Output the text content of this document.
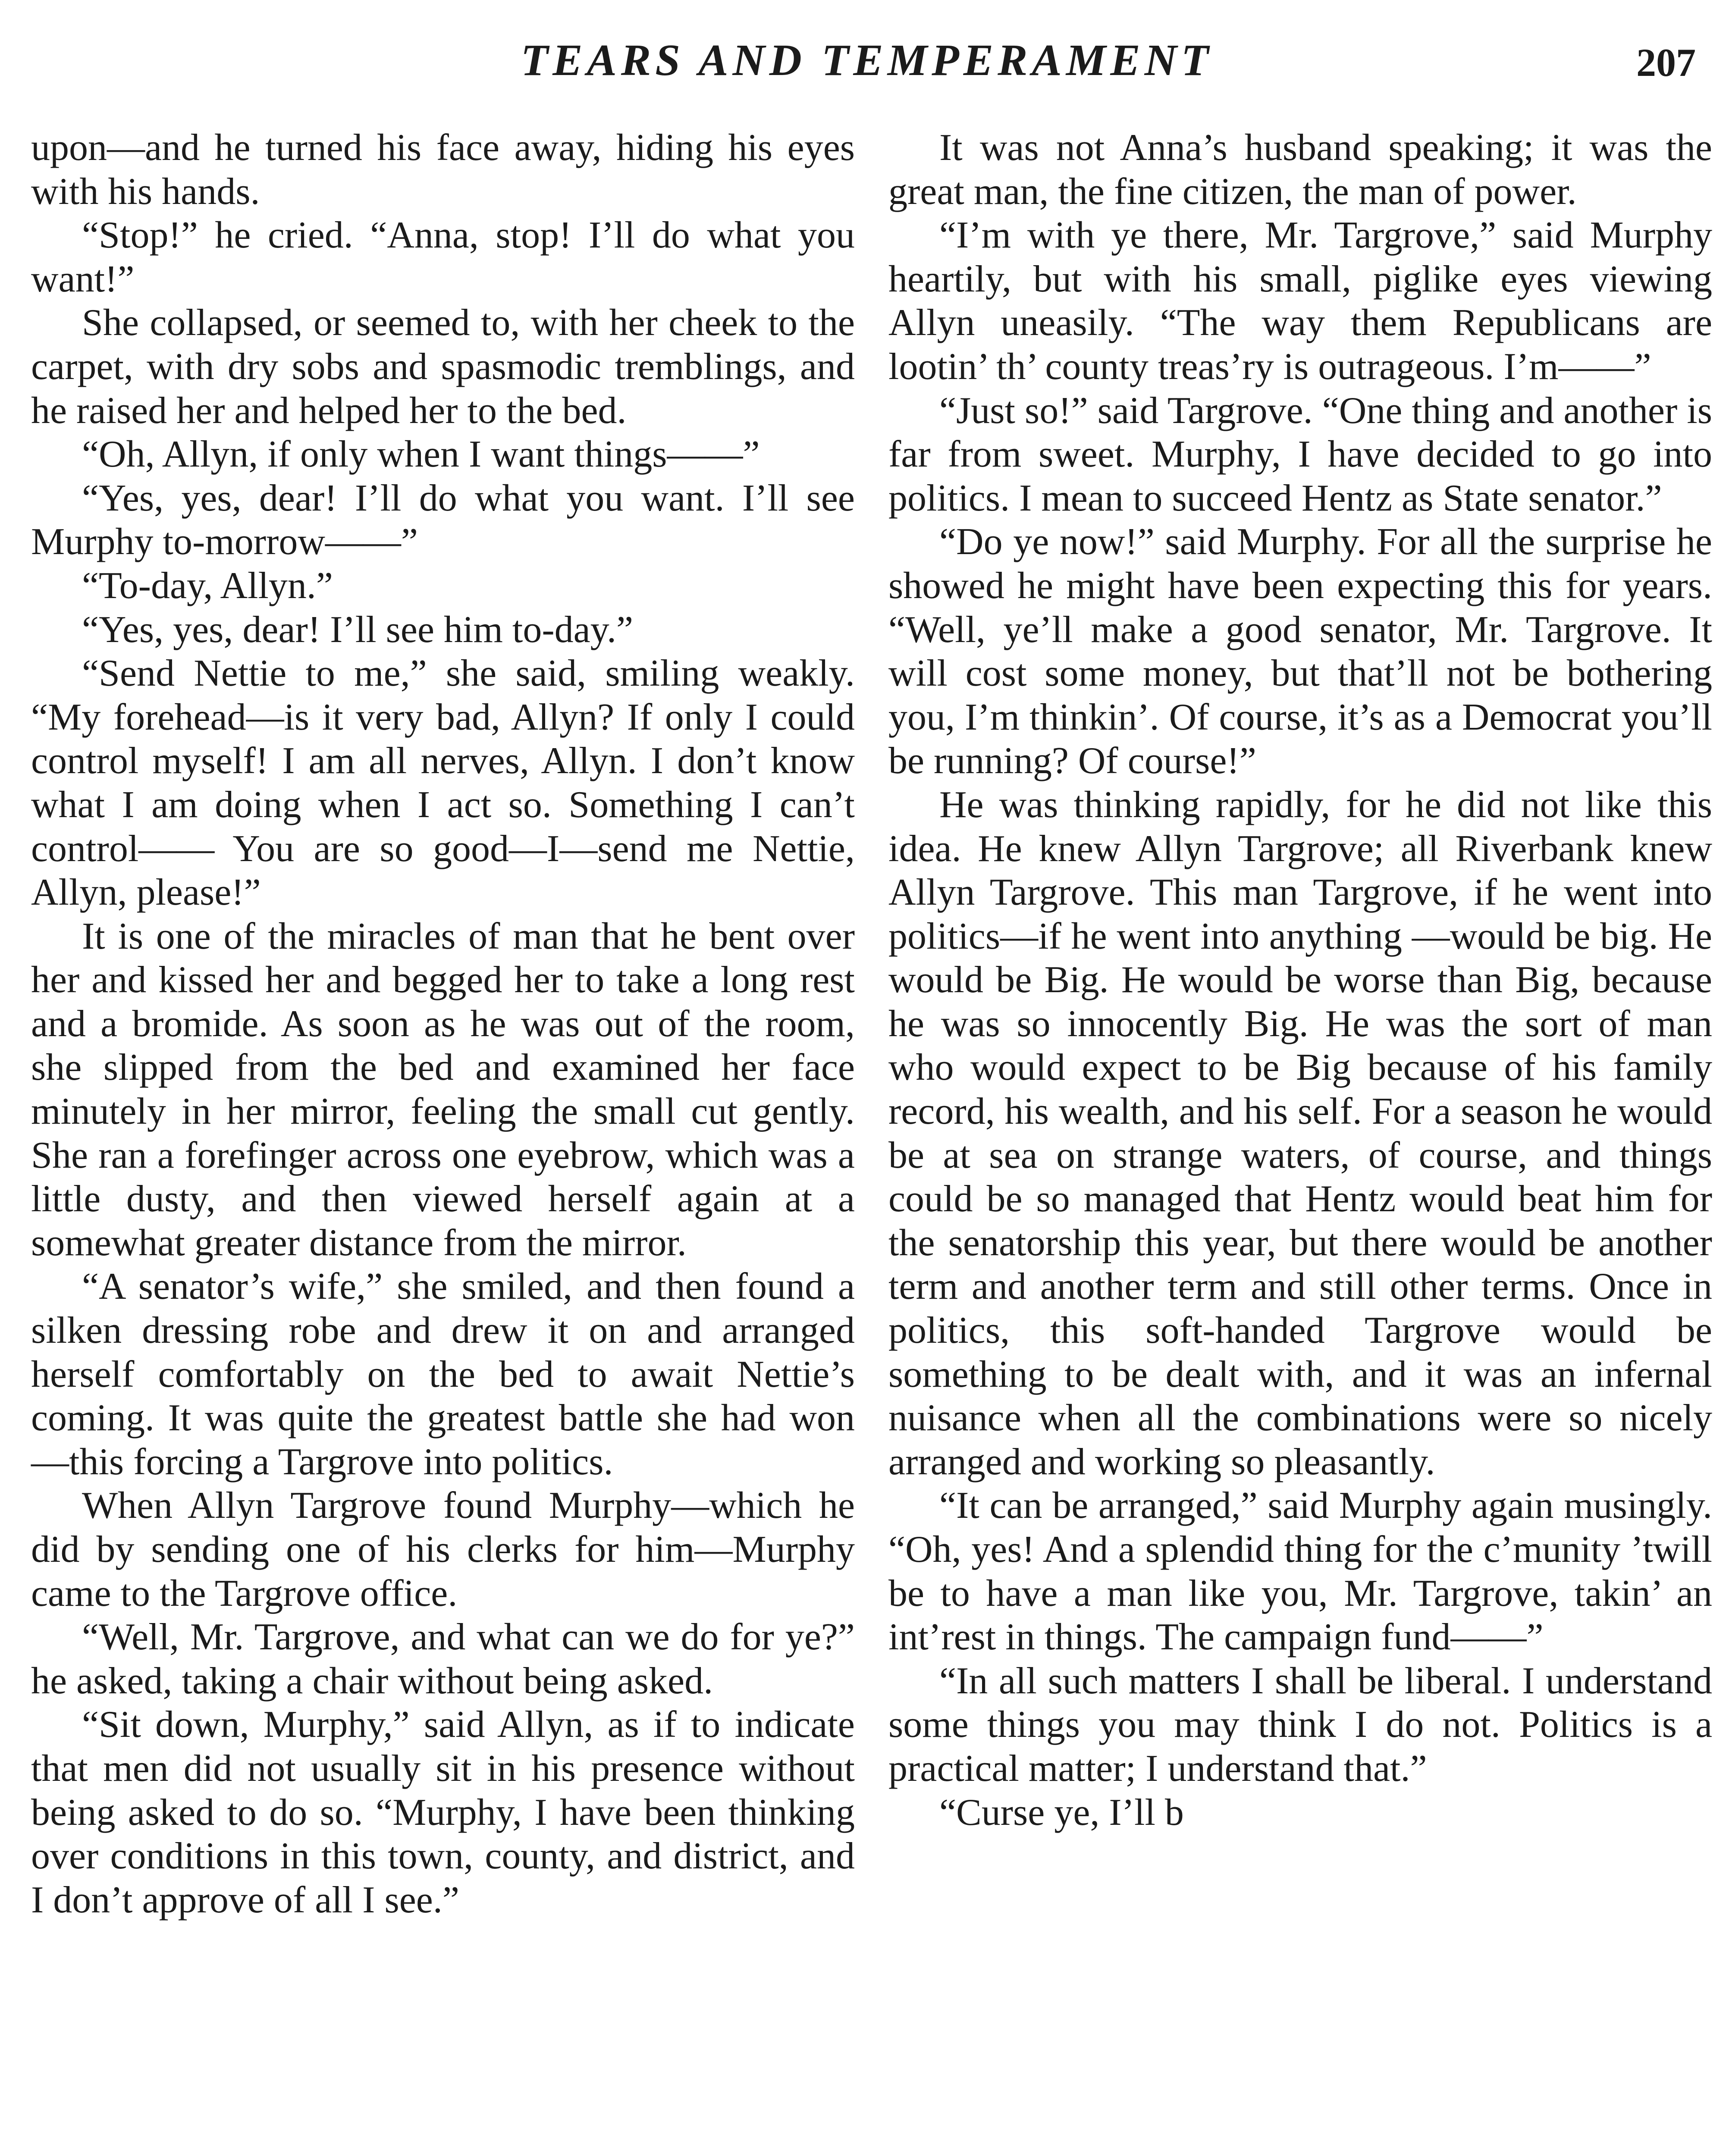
TEARS AND TEMPERAMENT	207

upon—and he turned his face away, hiding his eyes with his hands.

“Stop!” he cried. “Anna, stop! I’ll do what you want!”

She collapsed, or seemed to, with her cheek to the carpet, with dry sobs and spasmodic tremblings, and he raised her and helped her to the bed.

“Oh, Allyn, if only when I want things——”

“Yes, yes, dear! I’ll do what you want. I’ll see Murphy to-morrow——”

“To-day, Allyn.”

“Yes, yes, dear! I’ll see him to-day.”

“Send Nettie to me,” she said, smiling weakly. “My forehead—is it very bad, Allyn? If only I could control myself! I am all nerves, Allyn. I don’t know what I am doing when I act so. Something I can’t control—— You are so good—I—send me Nettie, Allyn, please!”

It is one of the miracles of man that he bent over her and kissed her and begged her to take a long rest and a bromide. As soon as he was out of the room, she slipped from the bed and examined her face minutely in her mirror, feeling the small cut gently. She ran a forefinger across one eyebrow, which was a little dusty, and then viewed herself again at a somewhat greater distance from the mirror.

“A senator’s wife,” she smiled, and then found a silken dressing robe and drew it on and arranged herself comfortably on the bed to await Nettie’s coming. It was quite the greatest battle she had won—this forcing a Targrove into politics.

When Allyn Targrove found Murphy—which he did by sending one of his clerks for him—Murphy came to the Targrove office.

“Well, Mr. Targrove, and what can we do for ye?” he asked, taking a chair without being asked.

“Sit down, Murphy,” said Allyn, as if to indicate that men did not usually sit in his presence without being asked to do so. “Murphy, I have been thinking over conditions in this town, county, and district, and I don’t approve of all I see.”

It was not Anna’s husband speaking; it was the great man, the fine citizen, the man of power.

“I’m with ye there, Mr. Targrove,” said Murphy heartily, but with his small, piglike eyes viewing Allyn uneasily. “The way them Republicans are lootin’ th’ county treas’ry is outrageous. I’m——”

“Just so!” said Targrove. “One thing and another is far from sweet. Murphy, I have decided to go into politics. I mean to succeed Hentz as State senator.”

“Do ye now!” said Murphy. For all the surprise he showed he might have been expecting this for years. “Well, ye’ll make a good senator, Mr. Targrove. It will cost some money, but that’ll not be bothering you, I’m thinkin’. Of course, it’s as a Democrat you’ll be running? Of course!”

He was thinking rapidly, for he did not like this idea. He knew Allyn Targrove; all Riverbank knew Allyn Targrove. This man Targrove, if he went into politics—if he went into anything —would be big. He would be Big. He would be worse than Big, because he was so innocently Big. He was the sort of man who would expect to be Big because of his family record, his wealth, and his self. For a season he would be at sea on strange waters, of course, and things could be so managed that Hentz would beat him for the senatorship this year, but there would be another term and another term and still other terms. Once in politics, this soft-handed Targrove would be something to be dealt with, and it was an infernal nuisance when all the combinations were so nicely arranged and working so pleasantly.

“It can be arranged,” said Murphy again musingly. “Oh, yes! And a splendid thing for the c’munity ’twill be to have a man like you, Mr. Targrove, takin’ an int’rest in things. The campaign fund——”

“In all such matters I shall be liberal. I understand some things you may think I do not. Politics is a practical matter; I understand that.”

“Curse ye, I’ll b
